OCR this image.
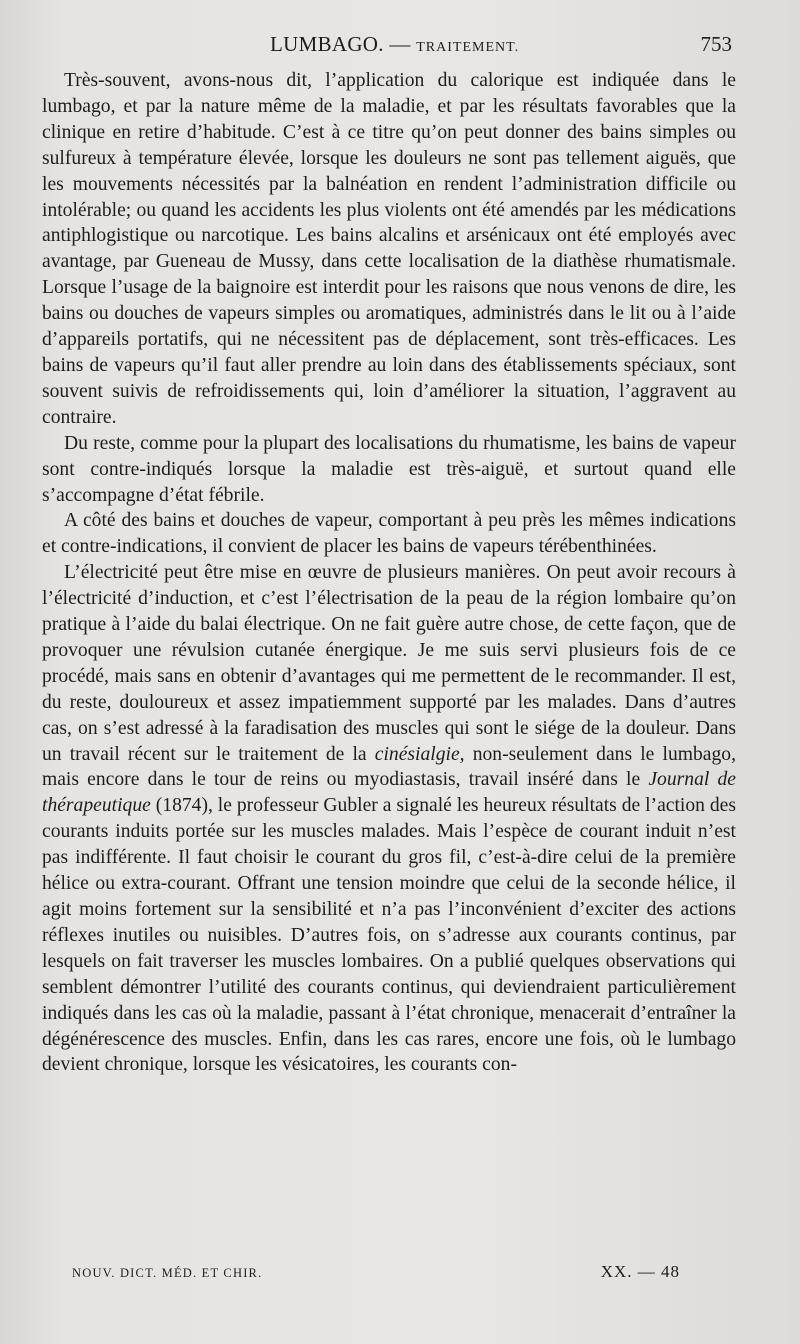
LUMBAGO. — TRAITEMENT.	753

Très-souvent, avons-nous dit, l’application du calorique est indiquée dans le lumbago, et par la nature même de la maladie, et par les résultats favorables que la clinique en retire d’habitude. C’est à ce titre qu’on peut donner des bains simples ou sulfureux à température élevée, lorsque les douleurs ne sont pas tellement aiguës, que les mouvements nécessités par la balnéation en rendent l’administration difficile ou intolérable; ou quand les accidents les plus violents ont été amendés par les médications antiphlogistique ou narcotique. Les bains alcalins et arsénicaux ont été employés avec avantage, par Gueneau de Mussy, dans cette localisation de la diathèse rhumatismale. Lorsque l’usage de la baignoire est interdit pour les raisons que nous venons de dire, les bains ou douches de vapeurs simples ou aromatiques, administrés dans le lit ou à l’aide d’appareils portatifs, qui ne nécessitent pas de déplacement, sont très-efficaces. Les bains de vapeurs qu’il faut aller prendre au loin dans des établissements spéciaux, sont souvent suivis de refroidissements qui, loin d’améliorer la situation, l’aggravent au contraire.

Du reste, comme pour la plupart des localisations du rhumatisme, les bains de vapeur sont contre-indiqués lorsque la maladie est très-aiguë, et surtout quand elle s’accompagne d’état fébrile.

A côté des bains et douches de vapeur, comportant à peu près les mêmes indications et contre-indications, il convient de placer les bains de vapeurs térébenthinées.

L’électricité peut être mise en œuvre de plusieurs manières. On peut avoir recours à l’électricité d’induction, et c’est l’électrisation de la peau de la région lombaire qu’on pratique à l’aide du balai électrique. On ne fait guère autre chose, de cette façon, que de provoquer une révulsion cutanée énergique. Je me suis servi plusieurs fois de ce procédé, mais sans en obtenir d’avantages qui me permettent de le recommander. Il est, du reste, douloureux et assez impatiemment supporté par les malades. Dans d’autres cas, on s’est adressé à la faradisation des muscles qui sont le siége de la douleur. Dans un travail récent sur le traitement de la cinésialgie, non-seulement dans le lumbago, mais encore dans le tour de reins ou myodiastasis, travail inséré dans le Journal de thérapeutique (1874), le professeur Gubler a signalé les heureux résultats de l’action des courants induits portée sur les muscles malades. Mais l’espèce de courant induit n’est pas indifférente. Il faut choisir le courant du gros fil, c’est-à-dire celui de la première hélice ou extra-courant. Offrant une tension moindre que celui de la seconde hélice, il agit moins fortement sur la sensibilité et n’a pas l’inconvénient d’exciter des actions réflexes inutiles ou nuisibles. D’autres fois, on s’adresse aux courants continus, par lesquels on fait traverser les muscles lombaires. On a publié quelques observations qui semblent démontrer l’utilité des courants continus, qui deviendraient particulièrement indiqués dans les cas où la maladie, passant à l’état chronique, menacerait d’entraîner la dégénérescence des muscles. Enfin, dans les cas rares, encore une fois, où le lumbago devient chronique, lorsque les vésicatoires, les courants con-

NOUV. DICT. MÉD. ET CHIR.	XX. — 48
